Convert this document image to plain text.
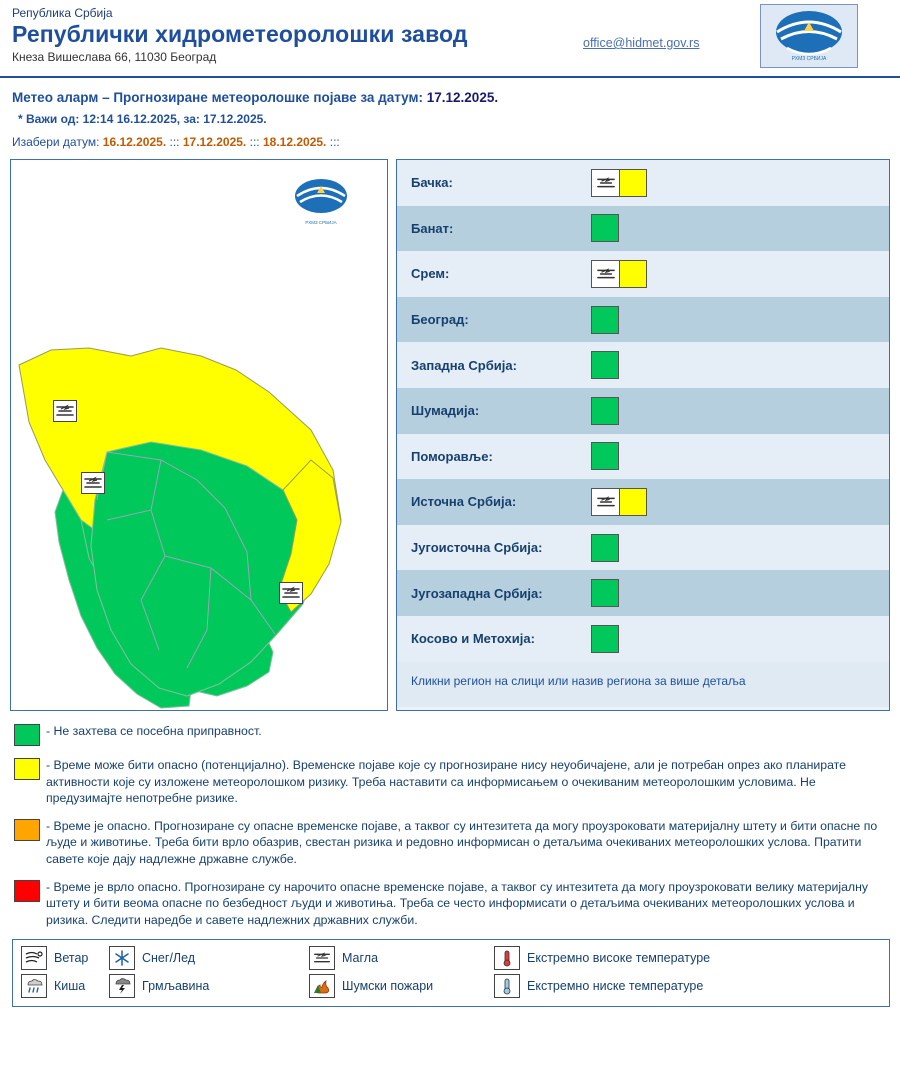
Република Србија
Републички хидрометеоролошки завод
Кнеза Вишеслава 66, 11030 Београд
office@hidmet.gov.rs
РХМЗ СРБИЈА
Метео аларм – Прогнозиране метеоролошке појаве за датум: 17.12.2025.
* Важи од: 12:14 16.12.2025, за: 17.12.2025.
Изабери датум: 16.12.2025. ::: 17.12.2025. ::: 18.12.2025. :::
РХМЗ СРБИЈА
Бачка:
Банат:
Срем:
Београд:
Западна Србија:
Шумадија:
Поморавље:
Источна Србија:
Југоисточна Србија:
Југозападна Србија:
Косово и Метохија:
Кликни регион на слици или назив региона за више детаља
- Не захтева се посебна приправност.
- Време може бити опасно (потенцијално). Временске појаве које су прогнозиране нису неуобичајене, али је потребан опрез ако планирате активности које су изложене метеоролошком ризику. Треба наставити са информисањем о очекиваним метеоролошким условима. Не предузимајте непотребне ризике.
- Време је опасно. Прогнозиране су опасне временске појаве, а таквог су интезитета да могу проузроковати материјалну штету и бити опасне по људе и животиње. Треба бити врло обазрив, свестан ризика и редовно информисан о детаљима очекиваних метеоролошких услова. Пратити савете које дају надлежне државне службе.
- Време је врло опасно. Прогнозиране су нарочито опасне временске појаве, а таквог су интезитета да могу проузроковати велику материјалну штету и бити веома опасне по безбедност људи и животиња. Треба се често информисати о детаљима очекиваних метеоролошких услова и ризика. Следити наредбе и савете надлежних државних служби.
Ветар	Снег/Лед	Магла	Екстремно високе температуре
Киша	Грмљавина	Шумски пожари	Екстремно ниске температуре
